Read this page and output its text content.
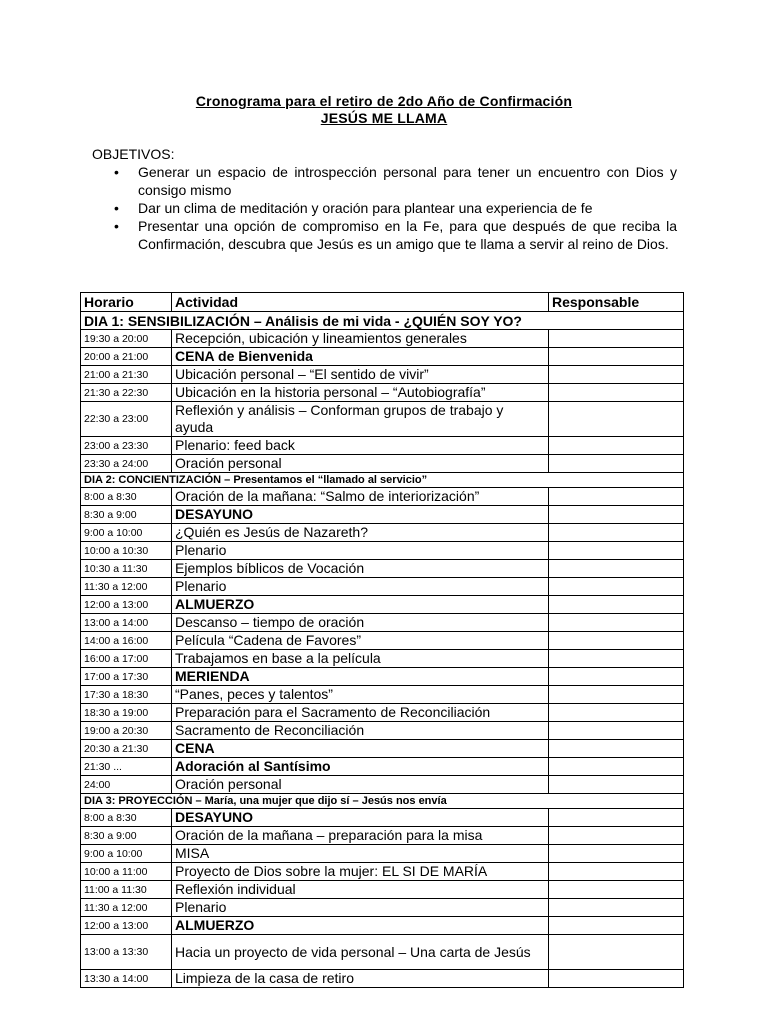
Cronograma para el retiro de 2do Año de Confirmación
JESÚS ME LLAMA
OBJETIVOS:
• Generar un espacio de introspección personal para tener un encuentro con Dios y consigo mismo
• Dar un clima de meditación y oración para plantear una experiencia de fe
• Presentar una opción de compromiso en la Fe, para que después de que reciba la Confirmación, descubra que Jesús es un amigo que te llama a servir al reino de Dios.
Horario	Actividad	Responsable
DIA 1: SENSIBILIZACIÓN – Análisis de mi vida - ¿QUIÉN SOY YO?		
19:30 a 20:00	Recepción, ubicación y lineamientos generales	
20:00 a 21:00	CENA de Bienvenida	
21:00 a 21:30	Ubicación personal – “El sentido de vivir”	
21:30 a 22:30	Ubicación en la historia personal – “Autobiografía”	
22:30 a 23:00	Reflexión y análisis – Conforman grupos de trabajo y ayuda	
23:00 a 23:30	Plenario: feed back	
23:30 a 24:00	Oración personal	
DIA 2: CONCIENTIZACIÓN – Presentamos el “llamado al servicio”		
8:00 a 8:30	Oración de la mañana: “Salmo de interiorización”	
8:30 a 9:00	DESAYUNO	
9:00 a 10:00	¿Quién es Jesús de Nazareth?	
10:00 a 10:30	Plenario	
10:30 a 11:30	Ejemplos bíblicos de Vocación	
11:30 a 12:00	Plenario	
12:00 a 13:00	ALMUERZO	
13:00 a 14:00	Descanso – tiempo de oración	
14:00 a 16:00	Película “Cadena de Favores”	
16:00 a 17:00	Trabajamos en base a la película	
17:00 a 17:30	MERIENDA	
17:30 a 18:30	“Panes, peces y talentos”	
18:30 a 19:00	Preparación para el Sacramento de Reconciliación	
19:00 a 20:30	Sacramento de Reconciliación	
20:30 a 21:30	CENA	
21:30 ...	Adoración al Santísimo	
24:00	Oración personal	
DIA 3: PROYECCIÓN – María, una mujer que dijo sí – Jesús nos envía		
8:00 a 8:30	DESAYUNO	
8:30 a 9:00	Oración de la mañana – preparación para la misa	
9:00 a 10:00	MISA	
10:00 a 11:00	Proyecto de Dios sobre la mujer: EL SI DE MARÍA	
11:00 a 11:30	Reflexión individual	
11:30 a 12:00	Plenario	
12:00 a 13:00	ALMUERZO	
13:00 a 13:30	Hacia un proyecto de vida personal – Una carta de Jesús	
13:30 a 14:00	Limpieza de la casa de retiro	
